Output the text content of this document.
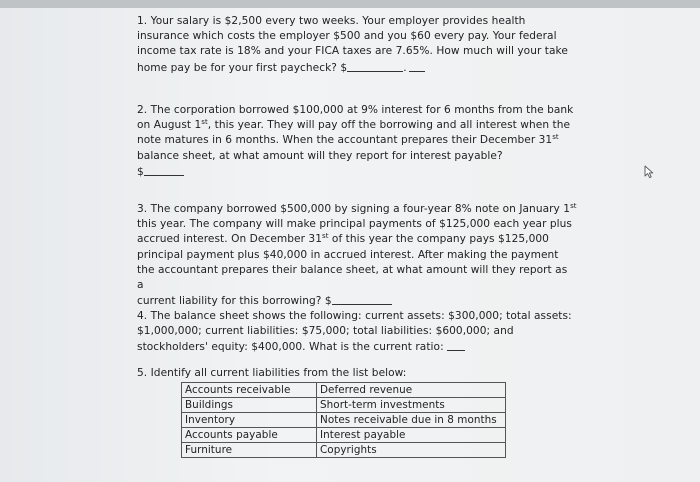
1. Your salary is $2,500 every two weeks. Your employer provides health

insurance which costs the employer $500 and you $60 every pay. Your federal

income tax rate is 18% and your FICA taxes are 7.65%. How much will your take

home pay be for your first paycheck? $	.

2. The corporation borrowed $100,000 at 9% interest for 6 months from the bank

on August 1st, this year. They will pay off the borrowing and all interest when the

note matures in 6 months. When the accountant prepares their December 31st

balance sheet, at what amount will they report for interest payable?

$

3. The company borrowed $500,000 by signing a four-year 8% note on January 1st

this year. The company will make principal payments of $125,000 each year plus

accrued interest. On December 31st of this year the company pays $125,000

principal payment plus $40,000 in accrued interest. After making the payment

the accountant prepares their balance sheet, at what amount will they report as a

current liability for this borrowing? $

4. The balance sheet shows the following: current assets: $300,000; total assets:

$1,000,000; current liabilities: $75,000; total liabilities: $600,000; and

stockholders' equity: $400,000. What is the current ratio:

5. Identify all current liabilities from the list below:

Accounts receivable	Deferred revenue
Buildings	Short-term investments
Inventory	Notes receivable due in 8 months
Accounts payable	Interest payable
Furniture	Copyrights
